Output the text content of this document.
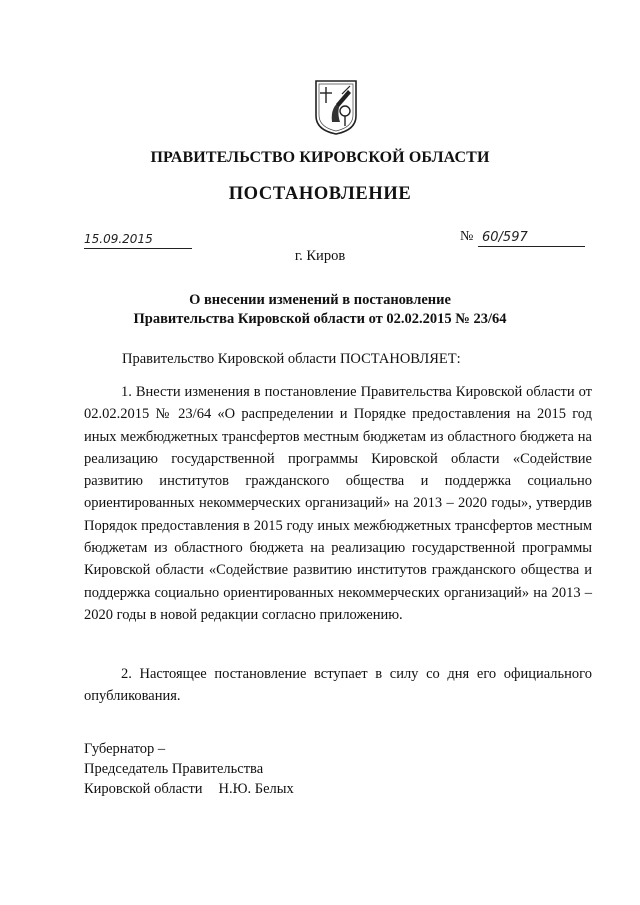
ПРАВИТЕЛЬСТВО КИРОВСКОЙ ОБЛАСТИ
ПОСТАНОВЛЕНИЕ
15.09.2015	№ 60/597
г. Киров
О внесении изменений в постановление
Правительства Кировской области от 02.02.2015 № 23/64
Правительство Кировской области ПОСТАНОВЛЯЕТ:
1. Внести изменения в постановление Правительства Кировской области от 02.02.2015 № 23/64 «О распределении и Порядке предоставления на 2015 год иных межбюджетных трансфертов местным бюджетам из областного бюджета на реализацию государственной программы Кировской области «Содействие развитию институтов гражданского общества и поддержка социально ориентированных некоммерческих организаций» на 2013 – 2020 годы», утвердив Порядок предоставления в 2015 году иных межбюджетных трансфертов местным бюджетам из областного бюджета на реализацию государственной программы Кировской области «Содействие развитию институтов гражданского общества и поддержка социально ориентированных некоммерческих организаций» на 2013 – 2020 годы в новой редакции согласно приложению.
2. Настоящее постановление вступает в силу со дня его официального опубликования.
Губернатор –
Председатель Правительства
Кировской области Н.Ю. Белых
